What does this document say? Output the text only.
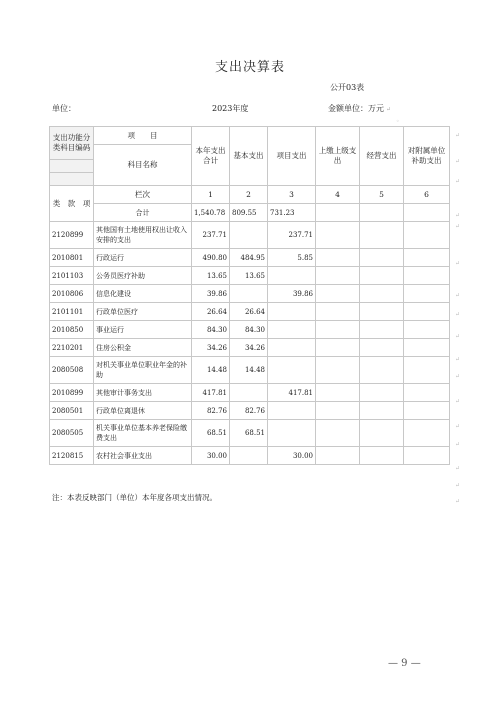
支出决算表
公开03表
单位：	2023年度	金额单位：万元 ↵
◦
支出功能分类科目编码	项　　目	本年支出合计	基本支出	项目支出	上缴上级支出	经营支出	对附属单位补助支出
	科目名称						

类　款　项	栏次	1	2	3	4	5	6
	合计	1,540.78	809.55	731.23			
2120899	其他国有土地使用权出让收入安排的支出	237.71		237.71			
2010801	行政运行	490.80	484.95	5.85			
2101103	公务员医疗补助	13.65	13.65				
2010806	信息化建设	39.86		39.86			
2101101	行政单位医疗	26.64	26.64				
2010850	事业运行	84.30	84.30				
2210201	住房公积金	34.26	34.26				
2080508	对机关事业单位职业年金的补助	14.48	14.48				
2010899	其他审计事务支出	417.81		417.81			
2080501	行政单位离退休	82.76	82.76				
2080505	机关事业单位基本养老保险缴费支出	68.51	68.51				
2120815	农村社会事业支出	30.00		30.00			
↵
↵
↵
↵
↵
↵
↵
↵
↵
↵
↵
↵
↵
↵
↵
↵
↵
注：本表反映部门（单位）本年度各项支出情况。
— 9 —
